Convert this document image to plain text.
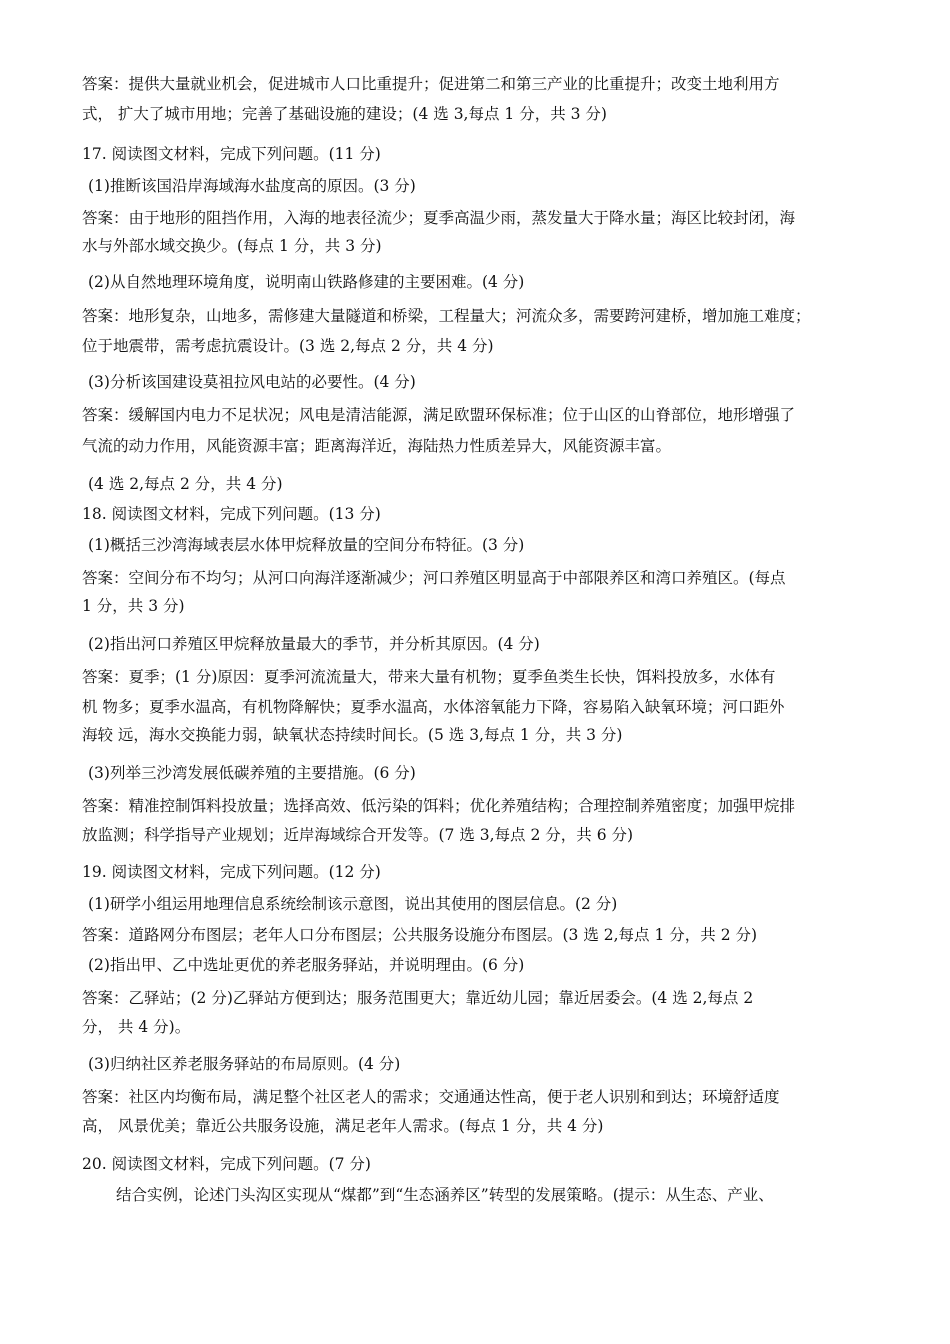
答案：提供大量就业机会，促进城市人口比重提升；促进第二和第三产业的比重提升；改变土地利用方
式， 扩大了城市用地；完善了基础设施的建设；(4 选 3,每点 1 分，共 3 分)
17. 阅读图文材料，完成下列问题。(11 分)
(1)推断该国沿岸海域海水盐度高的原因。(3 分)
答案：由于地形的阻挡作用，入海的地表径流少；夏季高温少雨，蒸发量大于降水量；海区比较封闭，海
水与外部水域交换少。(每点 1 分，共 3 分)
(2)从自然地理环境角度，说明南山铁路修建的主要困难。(4 分)
答案：地形复杂，山地多，需修建大量隧道和桥梁，工程量大；河流众多，需要跨河建桥，增加施工难度；
位于地震带，需考虑抗震设计。(3 选 2,每点 2 分，共 4 分)
(3)分析该国建设莫祖拉风电站的必要性。(4 分)
答案：缓解国内电力不足状况；风电是清洁能源，满足欧盟环保标准；位于山区的山脊部位，地形增强了
气流的动力作用，风能资源丰富；距离海洋近，海陆热力性质差异大，风能资源丰富。
(4 选 2,每点 2 分，共 4 分)
18. 阅读图文材料，完成下列问题。(13 分)
(1)概括三沙湾海域表层水体甲烷释放量的空间分布特征。(3 分)
答案：空间分布不均匀；从河口向海洋逐渐减少；河口养殖区明显高于中部限养区和湾口养殖区。(每点
1 分，共 3 分)
(2)指出河口养殖区甲烷释放量最大的季节，并分析其原因。(4 分)
答案：夏季；(1 分)原因：夏季河流流量大，带来大量有机物；夏季鱼类生长快，饵料投放多，水体有
机 物多；夏季水温高，有机物降解快；夏季水温高，水体溶氧能力下降，容易陷入缺氧环境；河口距外
海较 远，海水交换能力弱，缺氧状态持续时间长。(5 选 3,每点 1 分，共 3 分)
(3)列举三沙湾发展低碳养殖的主要措施。(6 分)
答案：精准控制饵料投放量；选择高效、低污染的饵料；优化养殖结构；合理控制养殖密度；加强甲烷排
放监测；科学指导产业规划；近岸海域综合开发等。(7 选 3,每点 2 分，共 6 分)
19. 阅读图文材料，完成下列问题。(12 分)
(1)研学小组运用地理信息系统绘制该示意图，说出其使用的图层信息。(2 分)
答案：道路网分布图层；老年人口分布图层；公共服务设施分布图层。(3 选 2,每点 1 分，共 2 分)
(2)指出甲、乙中选址更优的养老服务驿站，并说明理由。(6 分)
答案：乙驿站；(2 分)乙驿站方便到达；服务范围更大；靠近幼儿园；靠近居委会。(4 选 2,每点 2
分， 共 4 分)。
(3)归纳社区养老服务驿站的布局原则。(4 分)
答案：社区内均衡布局，满足整个社区老人的需求；交通通达性高，便于老人识别和到达；环境舒适度
高， 风景优美；靠近公共服务设施，满足老年人需求。(每点 1 分，共 4 分)
20. 阅读图文材料，完成下列问题。(7 分)
结合实例，论述门头沟区实现从“煤都”到“生态涵养区”转型的发展策略。(提示：从生态、产业、
